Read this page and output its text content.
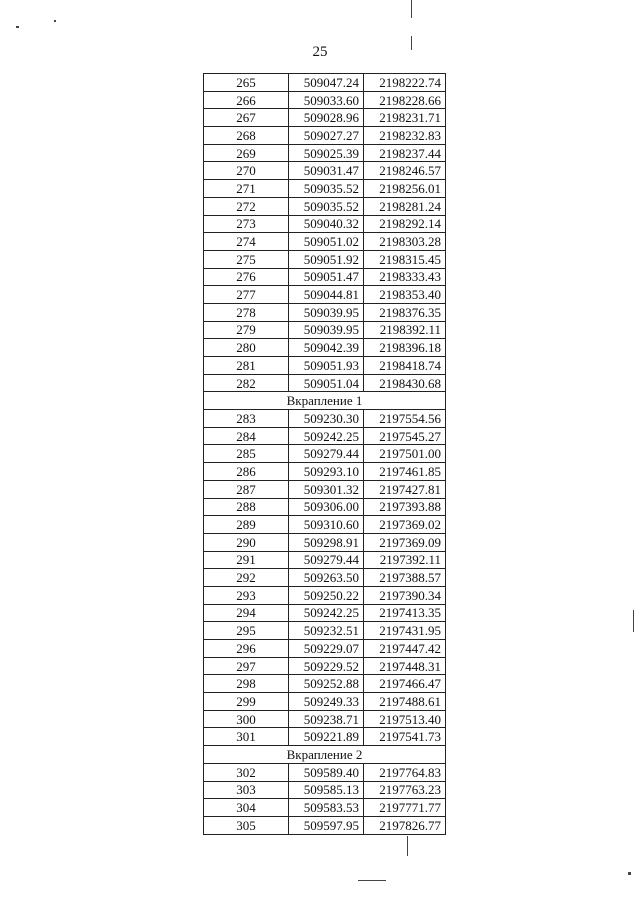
25
265	509047.24	2198222.74
266	509033.60	2198228.66
267	509028.96	2198231.71
268	509027.27	2198232.83
269	509025.39	2198237.44
270	509031.47	2198246.57
271	509035.52	2198256.01
272	509035.52	2198281.24
273	509040.32	2198292.14
274	509051.02	2198303.28
275	509051.92	2198315.45
276	509051.47	2198333.43
277	509044.81	2198353.40
278	509039.95	2198376.35
279	509039.95	2198392.11
280	509042.39	2198396.18
281	509051.93	2198418.74
282	509051.04	2198430.68
Вкрапление 1		
283	509230.30	2197554.56
284	509242.25	2197545.27
285	509279.44	2197501.00
286	509293.10	2197461.85
287	509301.32	2197427.81
288	509306.00	2197393.88
289	509310.60	2197369.02
290	509298.91	2197369.09
291	509279.44	2197392.11
292	509263.50	2197388.57
293	509250.22	2197390.34
294	509242.25	2197413.35
295	509232.51	2197431.95
296	509229.07	2197447.42
297	509229.52	2197448.31
298	509252.88	2197466.47
299	509249.33	2197488.61
300	509238.71	2197513.40
301	509221.89	2197541.73
Вкрапление 2		
302	509589.40	2197764.83
303	509585.13	2197763.23
304	509583.53	2197771.77
305	509597.95	2197826.77
